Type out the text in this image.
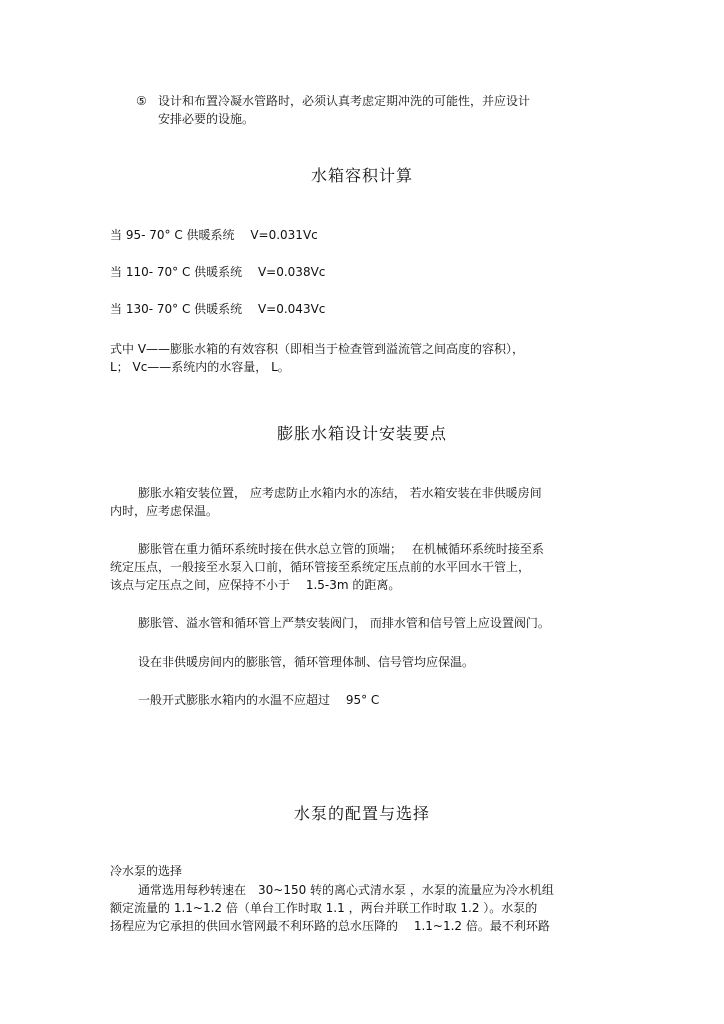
⑤ 设计和布置冷凝水管路时，必须认真考虑定期冲洗的可能性，并应设计
安排必要的设施。
水箱容积计算
当 95- 70° C 供暖系统　 V=0.031Vc
当 110- 70° C 供暖系统　 V=0.038Vc
当 130- 70° C 供暖系统　 V=0.043Vc
式中 V——膨胀水箱的有效容积（即相当于检查管到溢流管之间高度的容积），
L； Vc——系统内的水容量， L。
膨胀水箱设计安装要点
膨胀水箱安装位置， 应考虑防止水箱内水的冻结， 若水箱安装在非供暖房间
内时，应考虑保温。
膨胀管在重力循环系统时接在供水总立管的顶端；　 在机械循环系统时接至系
统定压点，一般接至水泵入口前，循环管接至系统定压点前的水平回水干管上，
该点与定压点之间，应保持不小于　 1.5-3m 的距离。
膨胀管、溢水管和循环管上严禁安装阀门， 而排水管和信号管上应设置阀门。
设在非供暖房间内的膨胀管，循环管理体制、信号管均应保温。
一般开式膨胀水箱内的水温不应超过　 95° C
水泵的配置与选择
冷水泵的选择
通常选用每秒转速在　30~150 转的离心式清水泵 ，水泵的流量应为冷水机组
额定流量的 1.1~1.2 倍（单台工作时取 1.1 ，两台并联工作时取 1.2 ）。水泵的
扬程应为它承担的供回水管网最不利环路的总水压降的　 1.1~1.2 倍。最不利环路
